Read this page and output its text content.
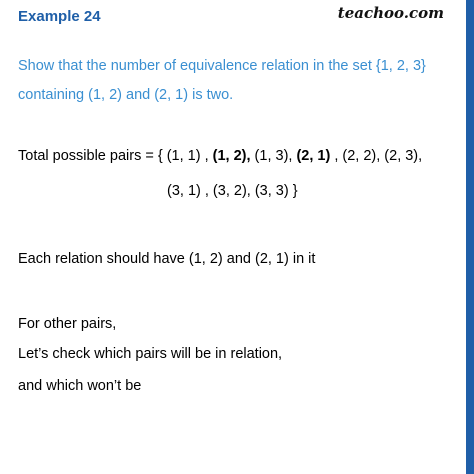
Example 24	teachoo.com
Show that the number of equivalence relation in the set {1, 2, 3}
containing (1, 2) and (2, 1) is two.
Total possible pairs = { (1, 1) , (1, 2), (1, 3), (2, 1) , (2, 2), (2, 3),
(3, 1) , (3, 2), (3, 3) }
Each relation should have (1, 2) and (2, 1) in it
For other pairs,
Let’s check which pairs will be in relation,
and which won’t be
